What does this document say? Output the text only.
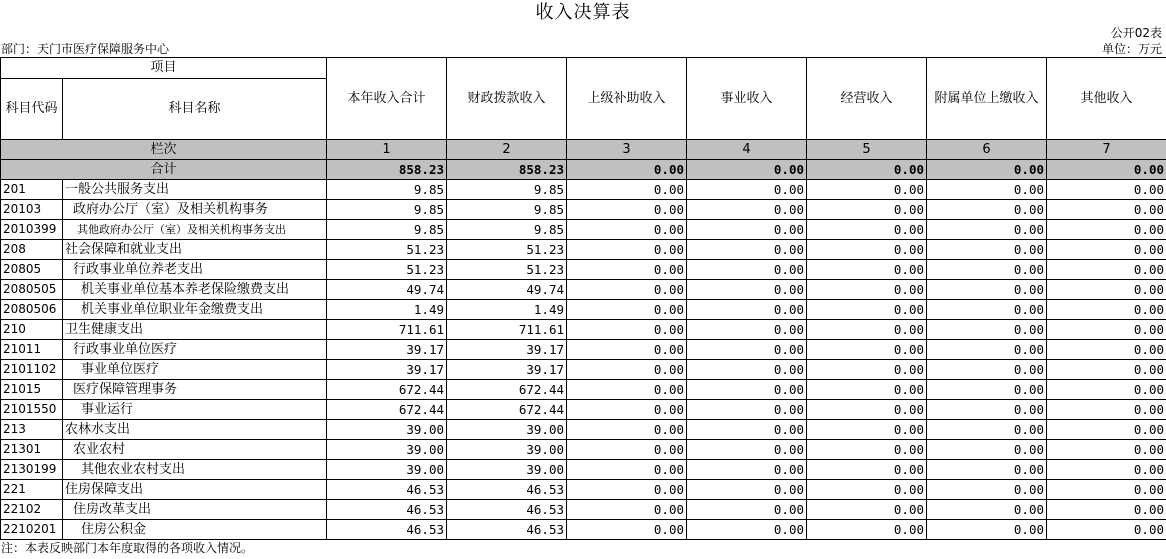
收入决算表
公开02表
部门：天门市医疗保障服务中心	单位：万元
项目		本年收入合计	财政拨款收入	上级补助收入	事业收入	经营收入	附属单位上缴收入	其他收入
科目代码	科目名称							
栏次		1	2	3	4	5	6	7
合计		858.23	858.23	0.00	0.00	0.00	0.00	0.00
201	一般公共服务支出	9.85	9.85	0.00	0.00	0.00	0.00	0.00
20103	政府办公厅（室）及相关机构事务	9.85	9.85	0.00	0.00	0.00	0.00	0.00
2010399	其他政府办公厅（室）及相关机构事务支出	9.85	9.85	0.00	0.00	0.00	0.00	0.00
208	社会保障和就业支出	51.23	51.23	0.00	0.00	0.00	0.00	0.00
20805	行政事业单位养老支出	51.23	51.23	0.00	0.00	0.00	0.00	0.00
2080505	机关事业单位基本养老保险缴费支出	49.74	49.74	0.00	0.00	0.00	0.00	0.00
2080506	机关事业单位职业年金缴费支出	1.49	1.49	0.00	0.00	0.00	0.00	0.00
210	卫生健康支出	711.61	711.61	0.00	0.00	0.00	0.00	0.00
21011	行政事业单位医疗	39.17	39.17	0.00	0.00	0.00	0.00	0.00
2101102	事业单位医疗	39.17	39.17	0.00	0.00	0.00	0.00	0.00
21015	医疗保障管理事务	672.44	672.44	0.00	0.00	0.00	0.00	0.00
2101550	事业运行	672.44	672.44	0.00	0.00	0.00	0.00	0.00
213	农林水支出	39.00	39.00	0.00	0.00	0.00	0.00	0.00
21301	农业农村	39.00	39.00	0.00	0.00	0.00	0.00	0.00
2130199	其他农业农村支出	39.00	39.00	0.00	0.00	0.00	0.00	0.00
221	住房保障支出	46.53	46.53	0.00	0.00	0.00	0.00	0.00
22102	住房改革支出	46.53	46.53	0.00	0.00	0.00	0.00	0.00
2210201	住房公积金	46.53	46.53	0.00	0.00	0.00	0.00	0.00
注：本表反映部门本年度取得的各项收入情况。
